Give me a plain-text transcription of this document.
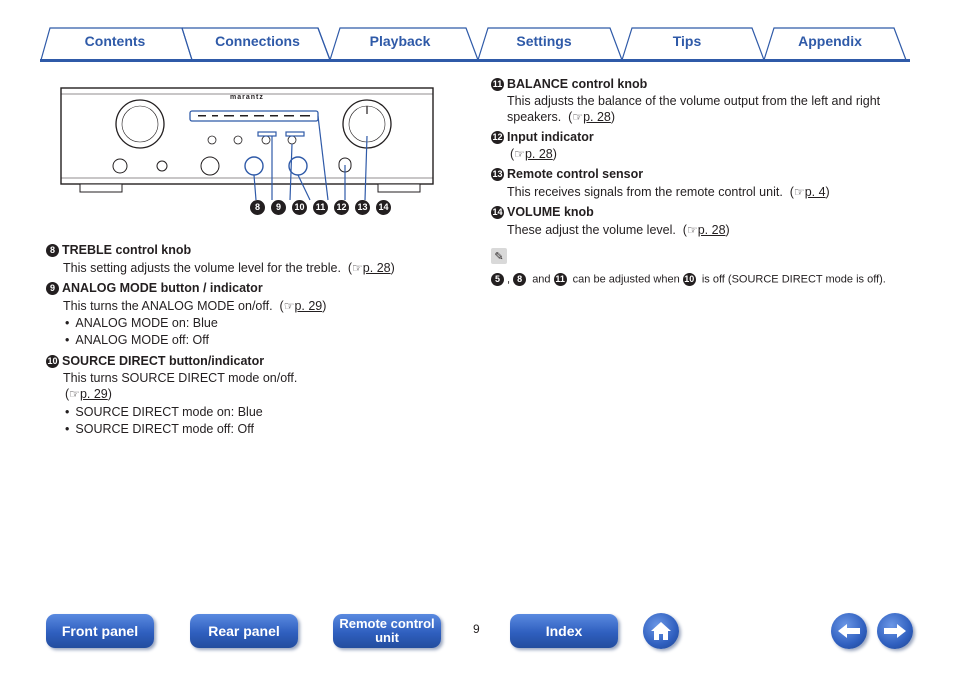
Contents	Connections	Playback	Settings	Tips	Appendix
marantz
8	9	10	11	12 13 14
8 TREBLE control knob
This setting adjusts the volume level for the treble.  (☞p. 28)
9 ANALOG MODE button / indicator
This turns the ANALOG MODE on/off.  (☞p. 29)
• ANALOG MODE on: Blue
• ANALOG MODE off: Off
10 SOURCE DIRECT button/indicator
This turns SOURCE DIRECT mode on/off.
(☞p. 29)
• SOURCE DIRECT mode on: Blue
• SOURCE DIRECT mode off: Off
11 BALANCE control knob
This adjusts the balance of the volume output from the left and right
speakers.  (☞p. 28)
12 Input indicator
(☞p. 28)
13 Remote control sensor
This receives signals from the remote control unit.  (☞p. 4)
14 VOLUME knob
These adjust the volume level.  (☞p. 28)
✎
5 , 8 and 11 can be adjusted when 10 is off (SOURCE DIRECT mode is off).
Front panel	Rear panel	Remote control
unit
9	Index
